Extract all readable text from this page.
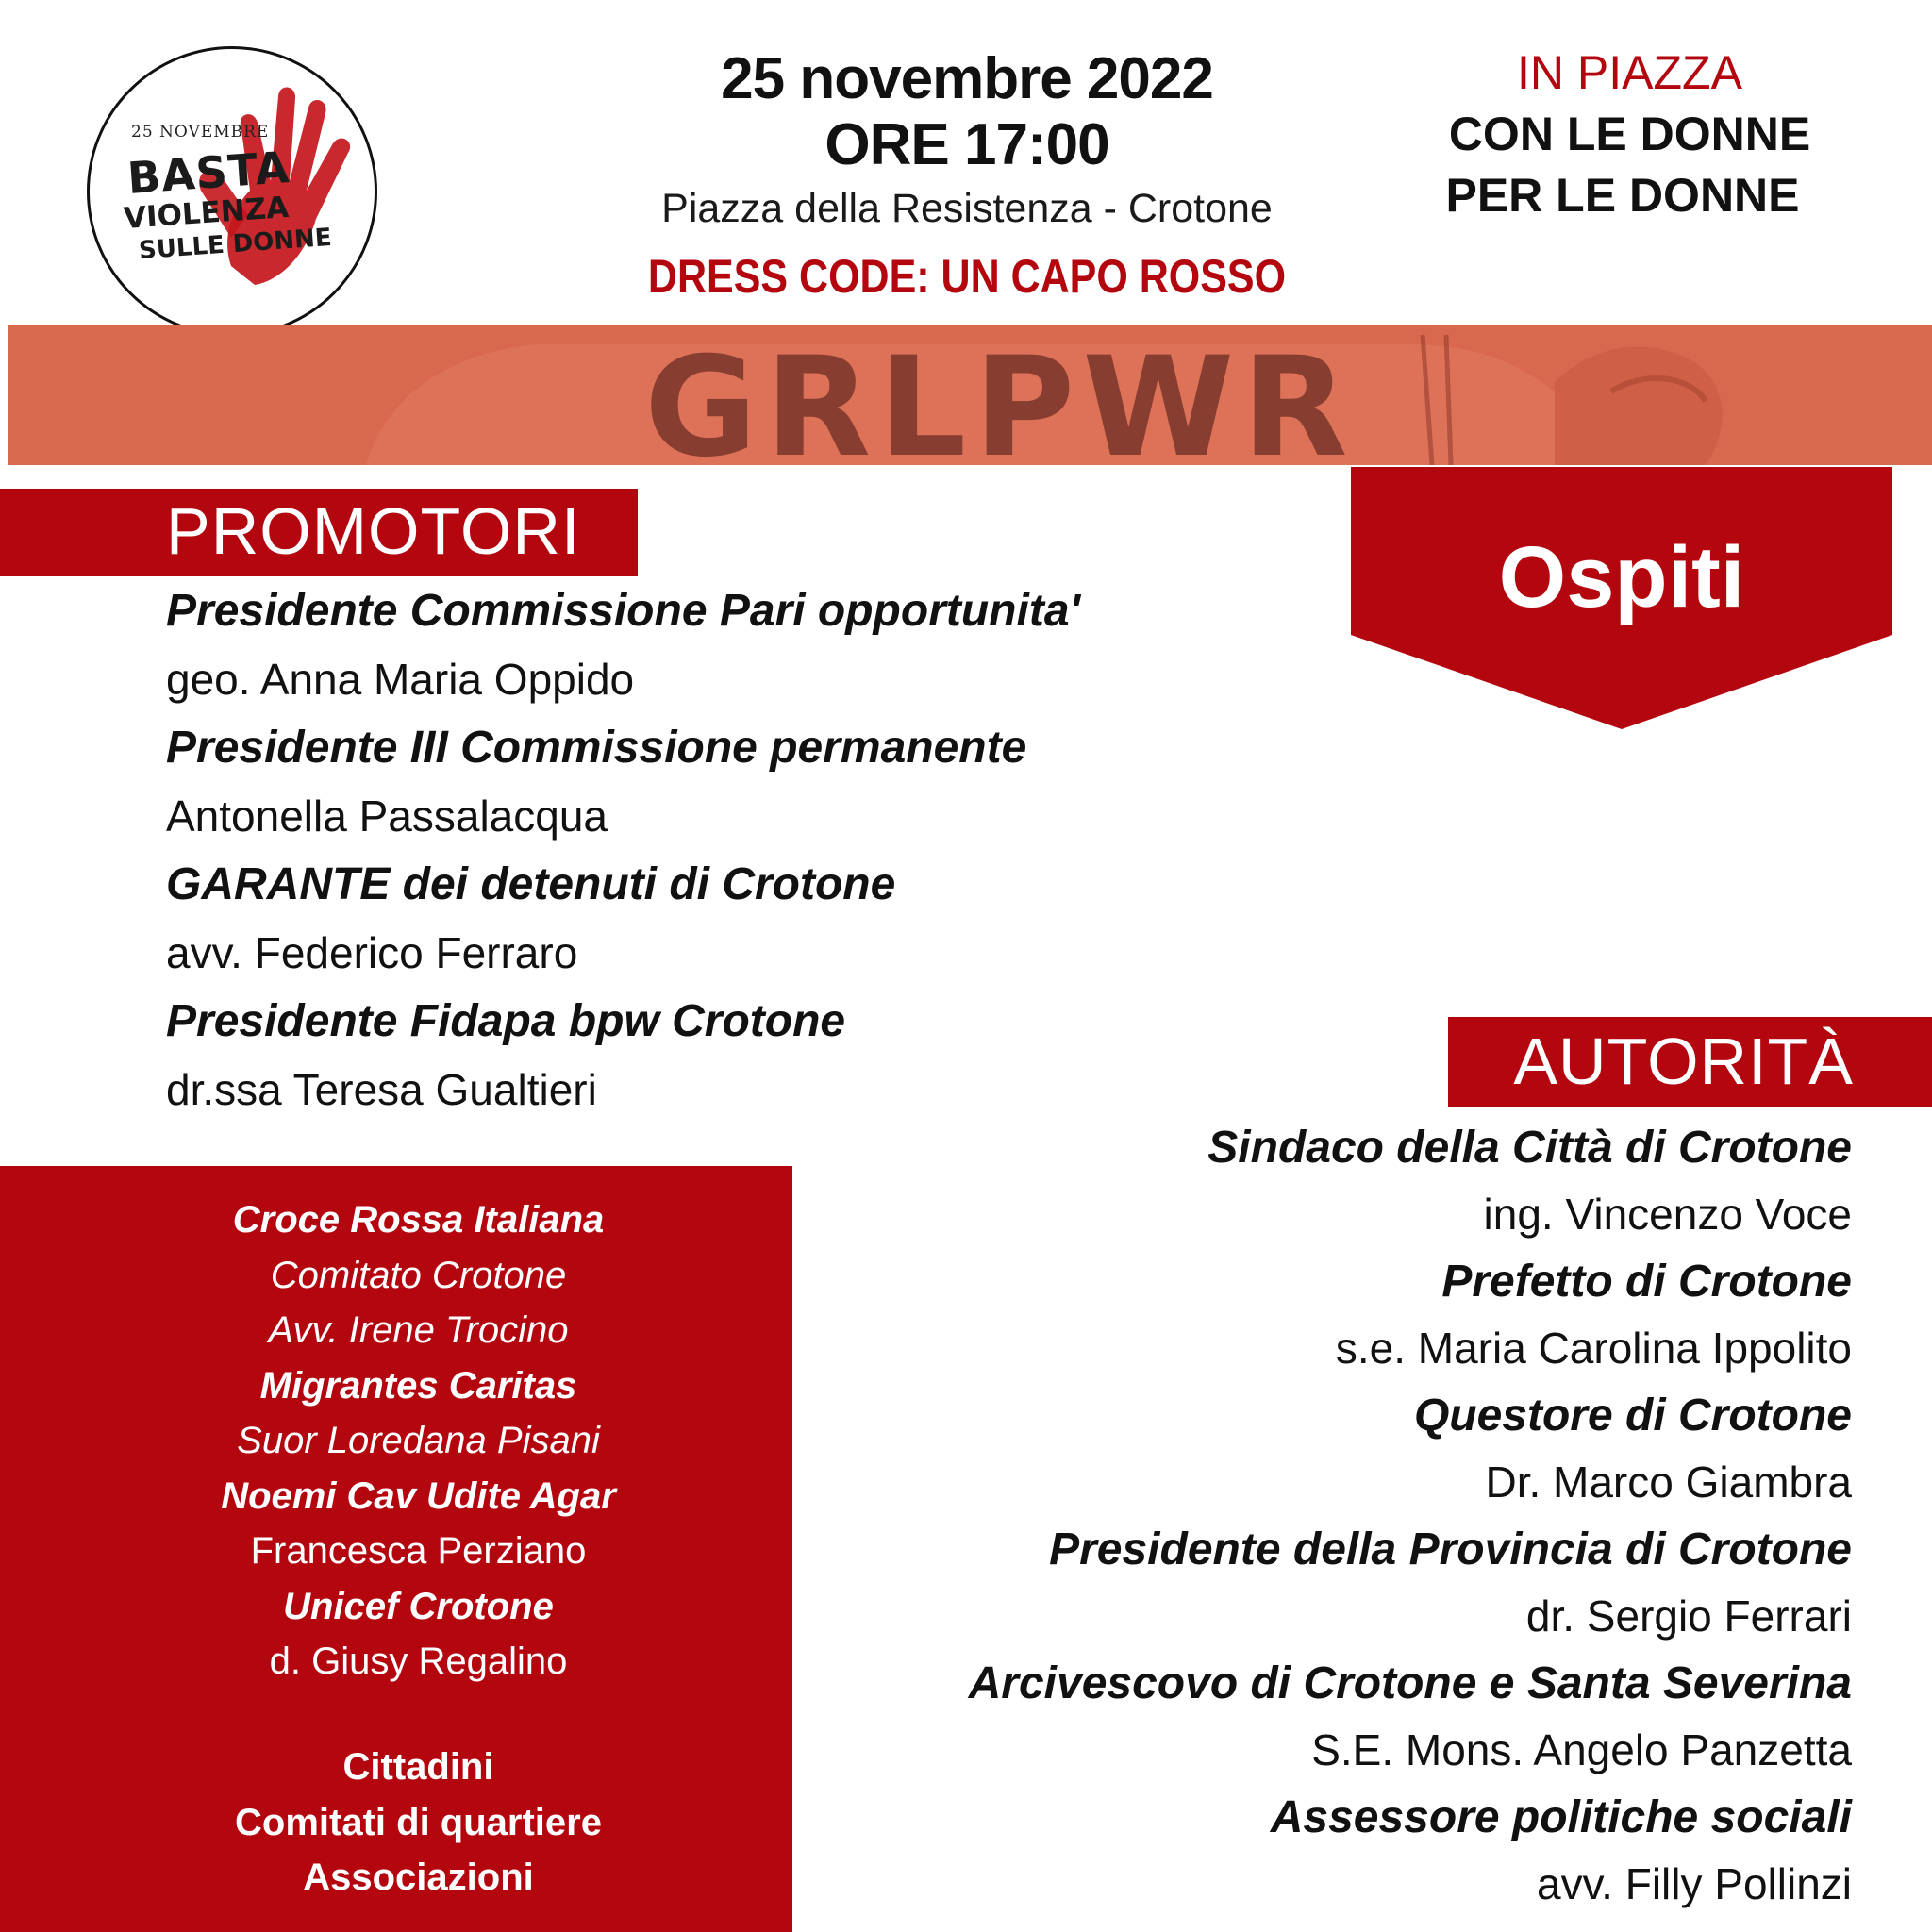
25 NOVEMBRE
BASTA
VIOLENZA
SULLE DONNE
25 novembre 2022
ORE 17:00
Piazza della Resistenza - Crotone
DRESS CODE: UN CAPO ROSSO
IN PIAZZA
CON LE DONNE
PER LE DONNE
GRLPWR
PROMOTORI
Presidente Commissione Pari opportunita'
geo. Anna Maria Oppido
Presidente III Commissione permanente
Antonella Passalacqua
GARANTE dei detenuti di Crotone
avv. Federico Ferraro
Presidente Fidapa bpw Crotone
dr.ssa Teresa Gualtieri
Ospiti
Croce Rossa Italiana
Comitato Crotone
Avv. Irene Trocino
Migrantes Caritas
Suor Loredana Pisani
Noemi Cav Udite Agar
Francesca Perziano
Unicef Crotone
d. Giusy Regalino
Cittadini
Comitati di quartiere
Associazioni
AUTORITÀ
Sindaco della Città di Crotone
ing. Vincenzo Voce
Prefetto di Crotone
s.e. Maria Carolina Ippolito
Questore di Crotone
Dr. Marco Giambra
Presidente della Provincia di Crotone
dr. Sergio Ferrari
Arcivescovo di Crotone e Santa Severina
S.E. Mons. Angelo Panzetta
Assessore politiche sociali
avv. Filly Pollinzi
